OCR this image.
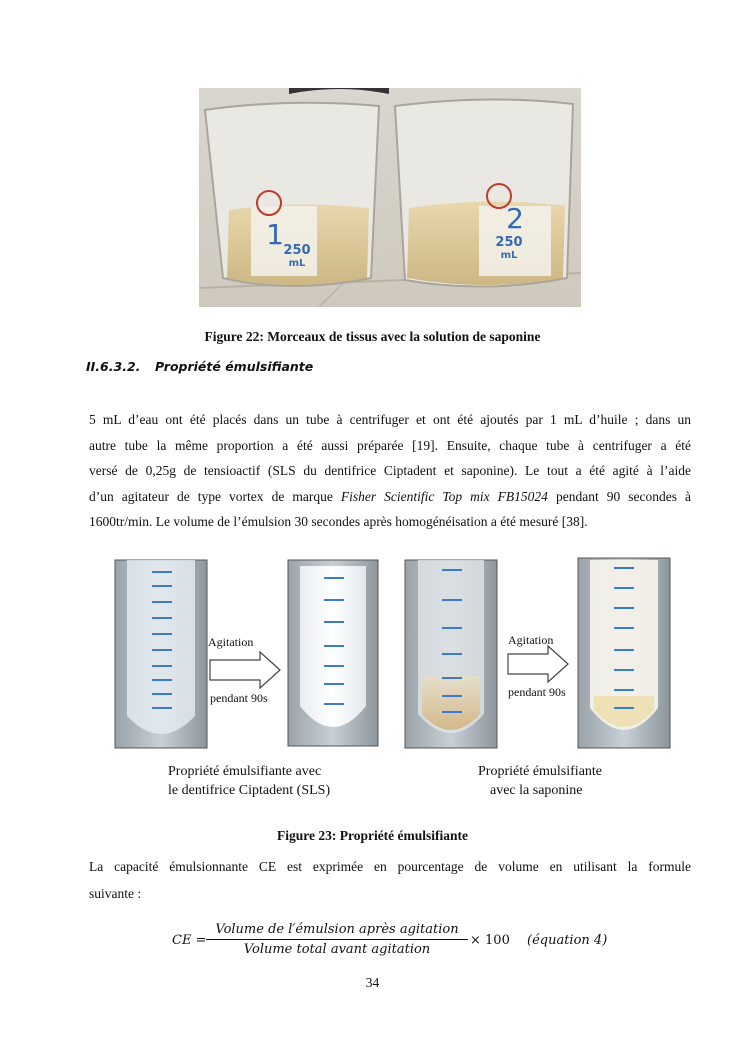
1 250
mL
2
250
mL
Figure 22: Morceaux de tissus avec la solution de saponine
II.6.3.2. Propriété émulsifiante
5 mL d’eau ont été placés dans un tube à centrifuger et ont été ajoutés par 1 mL d’huile ; dans un
autre tube la même proportion a été aussi préparée [19]. Ensuite, chaque tube à centrifuger a été
versé de 0,25g de tensioactif (SLS du dentifrice Ciptadent et saponine). Le tout a été agité à l’aide
d’un agitateur de type vortex de marque Fisher Scientific Top mix FB15024 pendant 90 secondes à
1600tr/min. Le volume de l’émulsion 30 secondes après homogénéisation a été mesuré [38].
Agitation
pendant 90s
Agitation
pendant 90s
Propriété émulsifiante avec
le dentifrice Ciptadent (SLS)
Propriété émulsifiante
avec la saponine
Figure 23: Propriété émulsifiante
La capacité émulsionnante CE est exprimée en pourcentage de volume en utilisant la formule
suivante :
CE =
Volume de l′émulsion après agitation
Volume total avant agitation
× 100 (équation 4)
34
